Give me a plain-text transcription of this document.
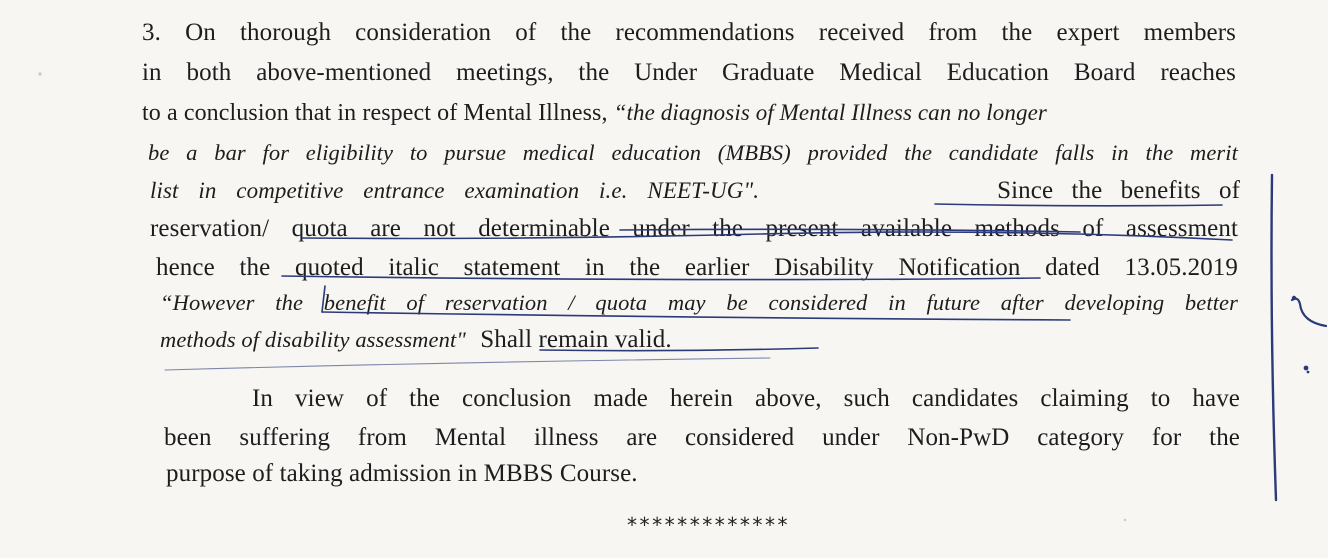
3. On thorough consideration of the recommendations received from the expert members
in both above-mentioned meetings, the Under Graduate Medical Education Board reaches
to a conclusion that in respect of Mental Illness, “the diagnosis of Mental Illness can no longer
be a bar for eligibility to pursue medical education (MBBS) provided the candidate falls in the merit
list in competitive entrance examination i.e. NEET-UG".	Since the benefits of
reservation/ quota are not determinable under the present available methods of assessment
hence the quoted italic statement in the earlier Disability Notification dated 13.05.2019
“However the benefit of reservation / quota may be considered in future after developing better
methods of disability assessment" Shall remain valid.
In view of the conclusion made herein above, such candidates claiming to have
been suffering from Mental illness are considered under Non-PwD category for the
purpose of taking admission in MBBS Course.
*************
